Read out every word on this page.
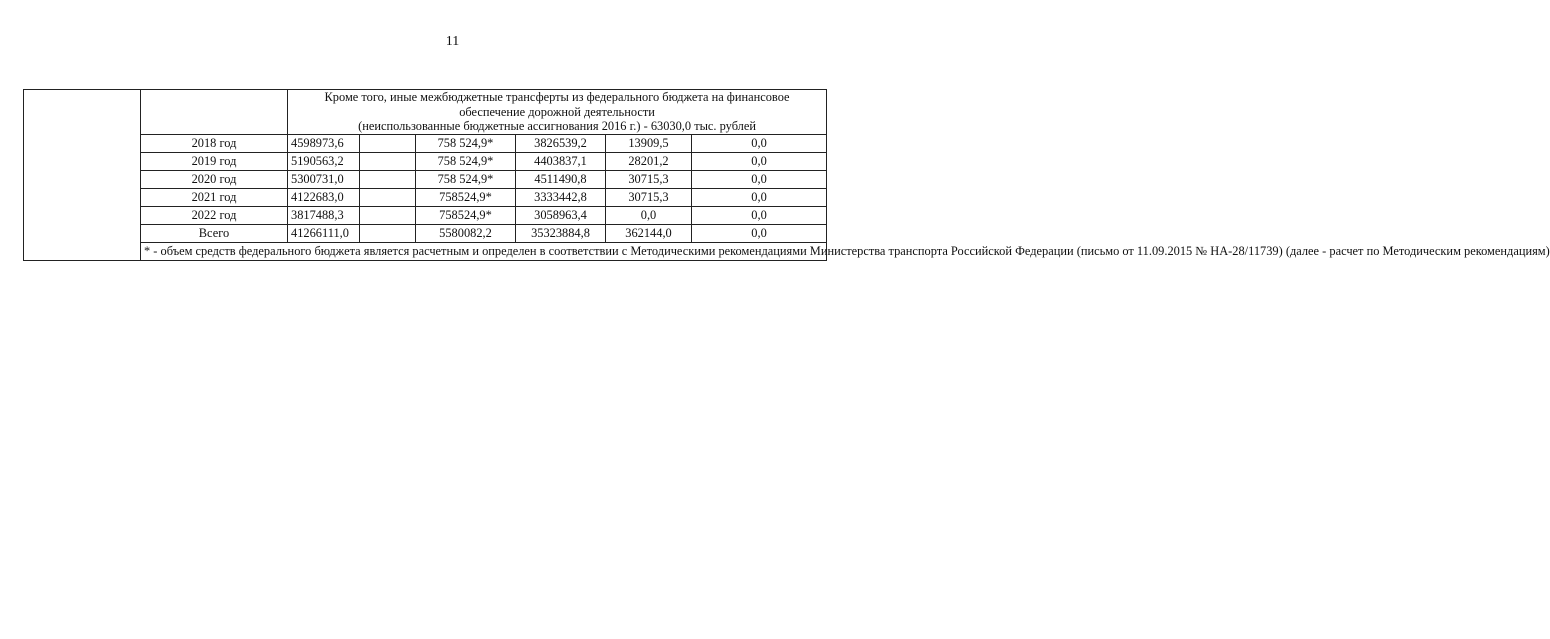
11

		Кроме того, иные межбюджетные трансферты из федерального бюджета на финансовое
обеспечение дорожной деятельности
(неиспользованные бюджетные ассигнования 2016 г.) - 63030,0 тыс. рублей					

	2018 год	4598973,6		758 524,9*	3826539,2	13909,5	0,0
	2019 год	5190563,2		758 524,9*	4403837,1	28201,2	0,0
	2020 год	5300731,0		758 524,9*	4511490,8	30715,3	0,0
	2021 год	4122683,0		758524,9*	3333442,8	30715,3	0,0
	2022 год	3817488,3		758524,9*	3058963,4	0,0	0,0
	Всего	41266111,0		5580082,2	35323884,8	362144,0	0,0
	* - объем средств федерального бюджета является расчетным и определен в соответствии с Методическими рекомендациями Министерства транспорта Российской Федерации (письмо от 11.09.2015 № НА-28/11739) (далее - расчет по Методическим рекомендациям)						
